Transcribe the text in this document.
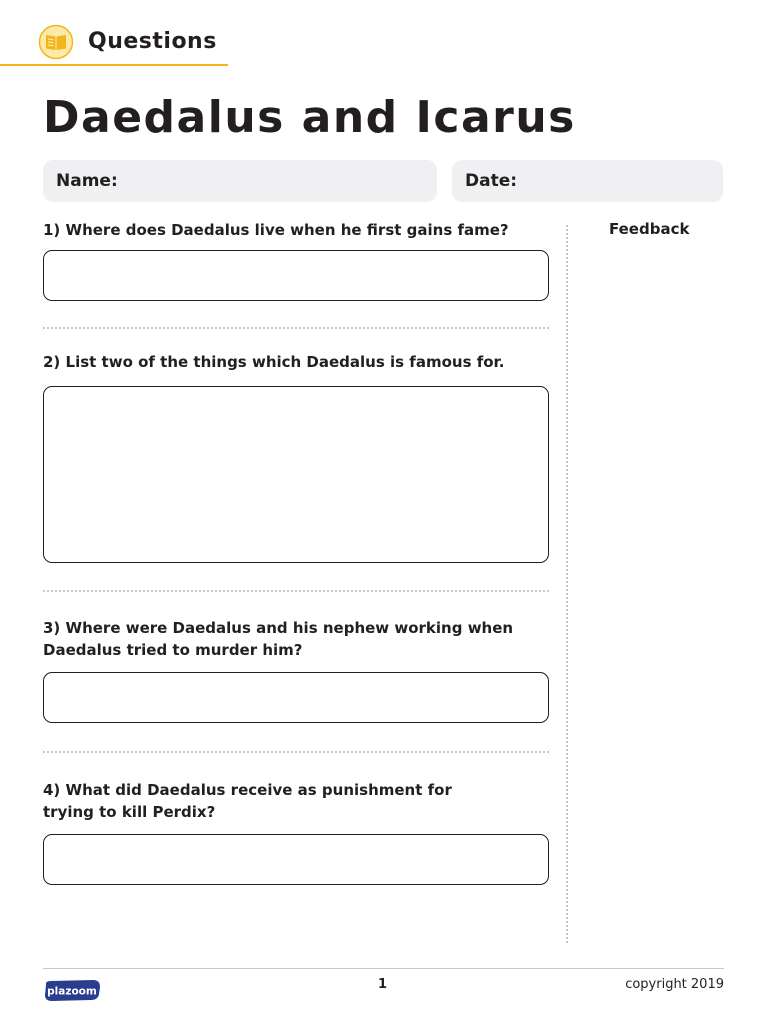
Questions
Daedalus and Icarus
Name:	Date:
Feedback
1) Where does Daedalus live when he first gains fame?
2) List two of the things which Daedalus is famous for.
3) Where were Daedalus and his nephew working when Daedalus tried to murder him?
4) What did Daedalus receive as punishment for trying to kill Perdix?
plazoom	1	copyright 2019
